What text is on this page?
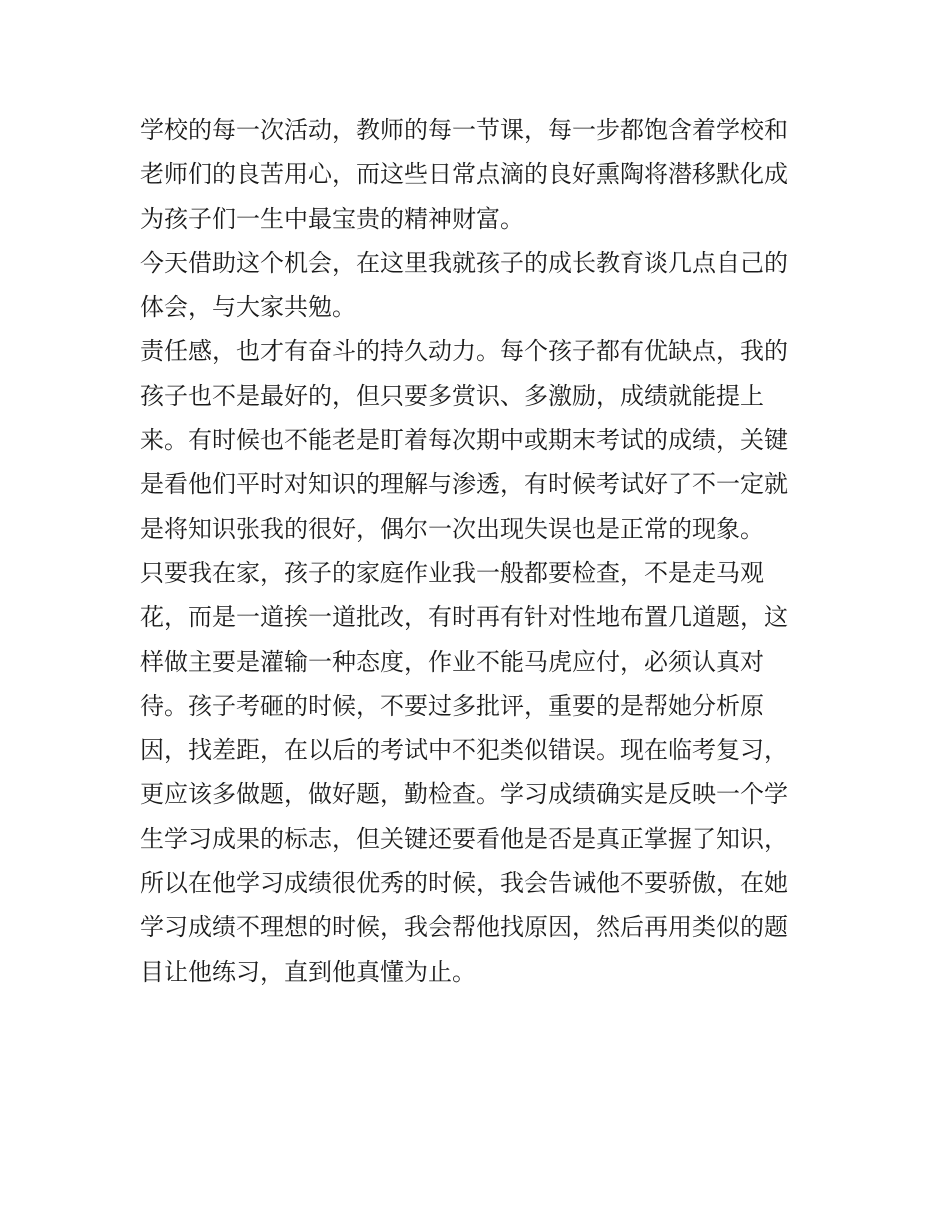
学校的每一次活动，教师的每一节课，每一步都饱含着学校和
老师们的良苦用心，而这些日常点滴的良好熏陶将潜移默化成
为孩子们一生中最宝贵的精神财富。
今天借助这个机会，在这里我就孩子的成长教育谈几点自己的
体会，与大家共勉。
责任感，也才有奋斗的持久动力。每个孩子都有优缺点，我的
孩子也不是最好的，但只要多赏识、多激励，成绩就能提上
来。有时候也不能老是盯着每次期中或期末考试的成绩，关键
是看他们平时对知识的理解与渗透，有时候考试好了不一定就
是将知识张我的很好，偶尔一次出现失误也是正常的现象。
只要我在家，孩子的家庭作业我一般都要检查，不是走马观
花，而是一道挨一道批改，有时再有针对性地布置几道题，这
样做主要是灌输一种态度，作业不能马虎应付，必须认真对
待。孩子考砸的时候，不要过多批评，重要的是帮她分析原
因，找差距，在以后的考试中不犯类似错误。现在临考复习，
更应该多做题，做好题，勤检查。学习成绩确实是反映一个学
生学习成果的标志，但关键还要看他是否是真正掌握了知识，
所以在他学习成绩很优秀的时候，我会告诫他不要骄傲，在她
学习成绩不理想的时候，我会帮他找原因，然后再用类似的题
目让他练习，直到他真懂为止。
